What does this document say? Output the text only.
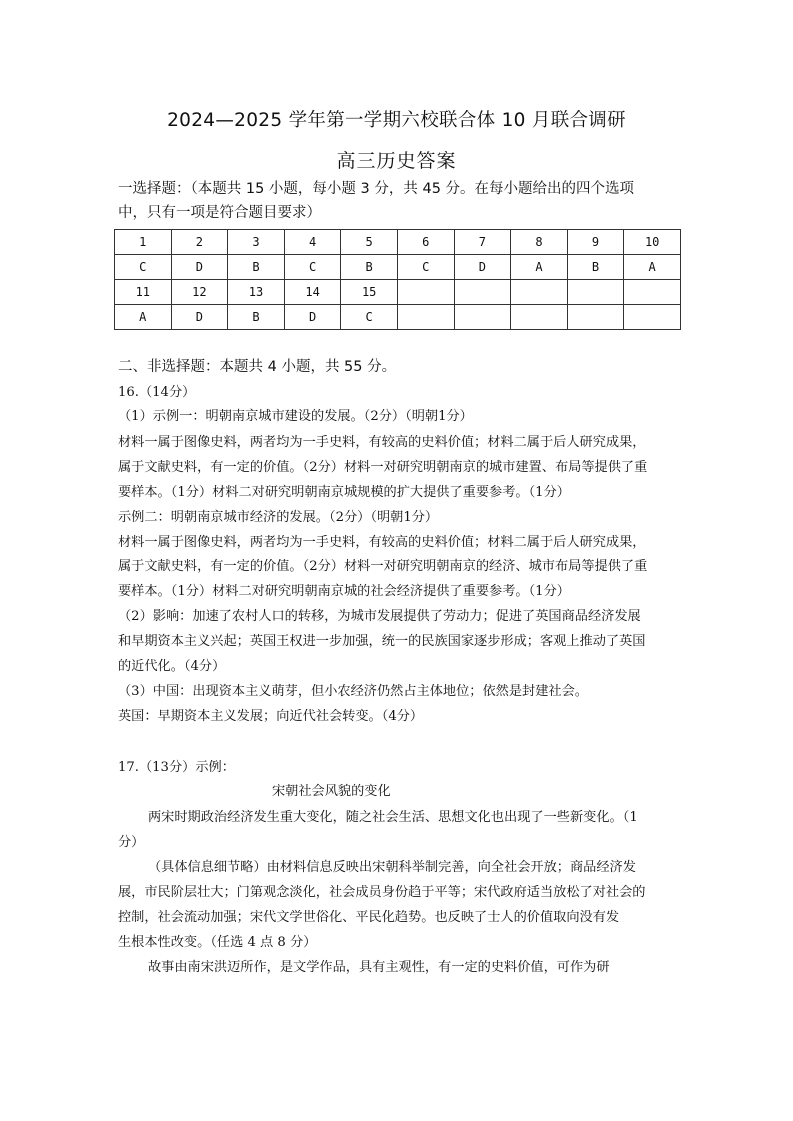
2024—2025 学年第一学期六校联合体 10 月联合调研
高三历史答案
一选择题：（本题共 15 小题，每小题 3 分，共 45 分。在每小题给出的四个选项
中，只有一项是符合题目要求）
1	2	3	4	5	6	7	8	9	10
C	D	B	C	B	C	D	A	B	A
11	12	13	14	15					
A	D	B	D	C					
二、非选择题：本题共 4 小题，共 55 分。
16.（14分）
（1）示例一：明朝南京城市建设的发展。（2分）（明朝1分）
材料一属于图像史料，两者均为一手史料，有较高的史料价值；材料二属于后人研究成果，
属于文献史料，有一定的价值。（2分）材料一对研究明朝南京的城市建置、布局等提供了重
要样本。（1分）材料二对研究明朝南京城规模的扩大提供了重要参考。（1分）
示例二：明朝南京城市经济的发展。（2分）（明朝1分）
材料一属于图像史料，两者均为一手史料，有较高的史料价值；材料二属于后人研究成果，
属于文献史料，有一定的价值。（2分）材料一对研究明朝南京的经济、城市布局等提供了重
要样本。（1分）材料二对研究明朝南京城的社会经济提供了重要参考。（1分）
（2）影响：加速了农村人口的转移，为城市发展提供了劳动力；促进了英国商品经济发展
和早期资本主义兴起；英国王权进一步加强，统一的民族国家逐步形成；客观上推动了英国
的近代化。（4分）
（3）中国：出现资本主义萌芽，但小农经济仍然占主体地位；依然是封建社会。
英国：早期资本主义发展；向近代社会转变。（4分）
17.（13分）示例：
宋朝社会风貌的变化
两宋时期政治经济发生重大变化，随之社会生活、思想文化也出现了一些新变化。（1
分）
（具体信息细节略）由材料信息反映出宋朝科举制完善，向全社会开放；商品经济发
展，市民阶层壮大；门第观念淡化，社会成员身份趋于平等；宋代政府适当放松了对社会的
控制，社会流动加强；宋代文学世俗化、平民化趋势。也反映了士人的价值取向没有发
生根本性改变。（任选 4 点 8 分）
故事由南宋洪迈所作，是文学作品，具有主观性，有一定的史料价值，可作为研
